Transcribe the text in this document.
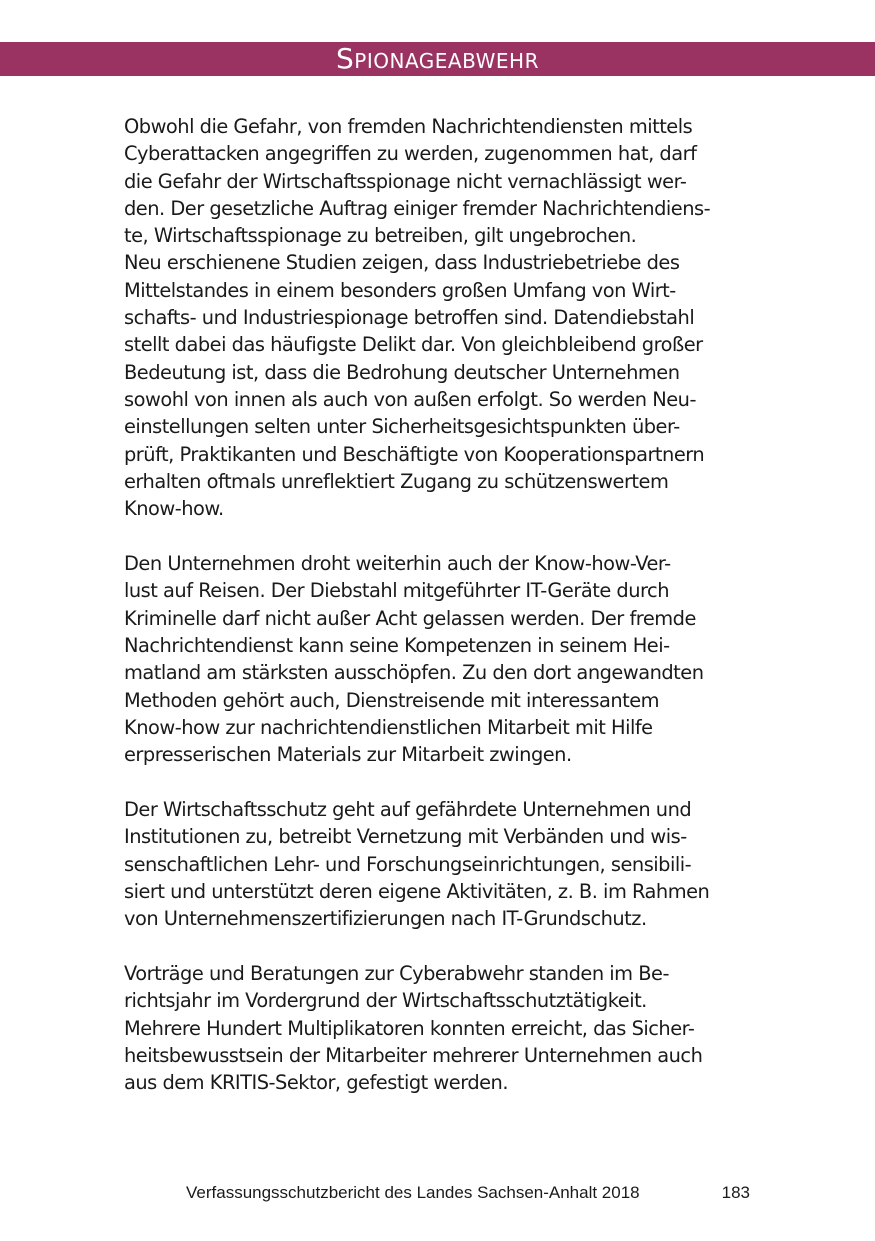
Spionageabwehr
Obwohl die Gefahr, von fremden Nachrichtendiensten mittels
Cyberattacken angegriffen zu werden, zugenommen hat, darf
die Gefahr der Wirtschaftsspionage nicht vernachlässigt wer-
den. Der gesetzliche Auftrag einiger fremder Nachrichtendiens-
te, Wirtschaftsspionage zu betreiben, gilt ungebrochen.
Neu erschienene Studien zeigen, dass Industriebetriebe des
Mittelstandes in einem besonders großen Umfang von Wirt-
schafts- und Industriespionage betroffen sind. Datendiebstahl
stellt dabei das häufigste Delikt dar. Von gleichbleibend großer
Bedeutung ist, dass die Bedrohung deutscher Unternehmen
sowohl von innen als auch von außen erfolgt. So werden Neu-
einstellungen selten unter Sicherheitsgesichtspunkten über-
prüft, Praktikanten und Beschäftigte von Kooperationspartnern
erhalten oftmals unreflektiert Zugang zu schützenswertem
Know-how.
Den Unternehmen droht weiterhin auch der Know-how-Ver-
lust auf Reisen. Der Diebstahl mitgeführter IT-Geräte durch
Kriminelle darf nicht außer Acht gelassen werden. Der fremde
Nachrichtendienst kann seine Kompetenzen in seinem Hei-
matland am stärksten ausschöpfen. Zu den dort angewandten
Methoden gehört auch, Dienstreisende mit interessantem
Know-how zur nachrichtendienstlichen Mitarbeit mit Hilfe
erpresserischen Materials zur Mitarbeit zwingen.
Der Wirtschaftsschutz geht auf gefährdete Unternehmen und
Institutionen zu, betreibt Vernetzung mit Verbänden und wis-
senschaftlichen Lehr- und Forschungseinrichtungen, sensibili-
siert und unterstützt deren eigene Aktivitäten, z. B. im Rahmen
von Unternehmenszertifizierungen nach IT-Grundschutz.
Vorträge und Beratungen zur Cyberabwehr standen im Be-
richtsjahr im Vordergrund der Wirtschaftsschutztätigkeit.
Mehrere Hundert Multiplikatoren konnten erreicht, das Sicher-
heitsbewusstsein der Mitarbeiter mehrerer Unternehmen auch
aus dem KRITIS-Sektor, gefestigt werden.
Verfassungsschutzbericht des Landes Sachsen-Anhalt 2018	183
